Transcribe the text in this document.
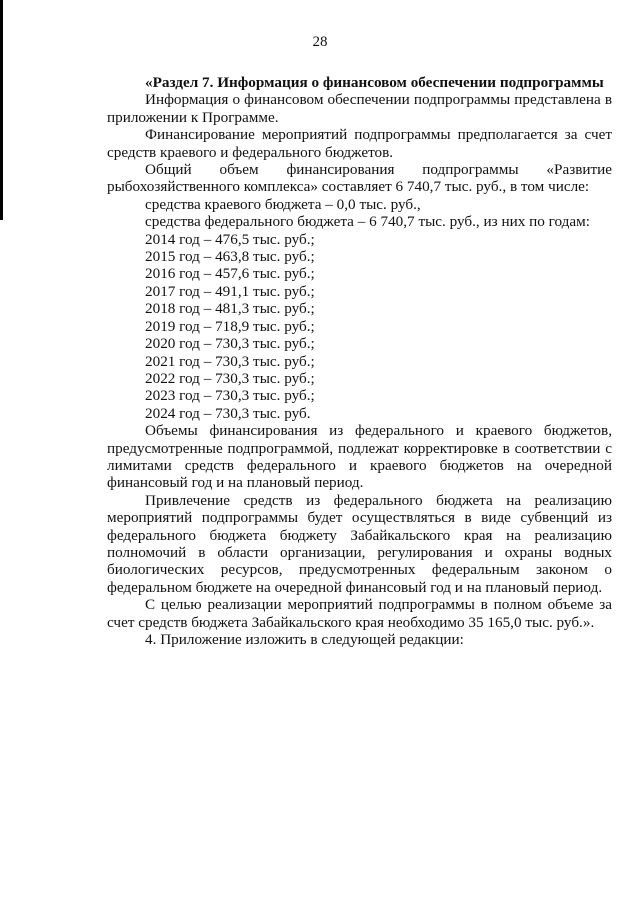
28

«Раздел 7. Информация о финансовом обеспечении подпрограммы

Информация о финансовом обеспечении подпрограммы представлена в приложении к Программе.

Финансирование мероприятий подпрограммы предполагается за счет средств краевого и федерального бюджетов.

Общий объем финансирования подпрограммы «Развитие рыбохозяйственного комплекса» составляет 6 740,7 тыс. руб., в том числе:

средства краевого бюджета – 0,0 тыс. руб.,

средства федерального бюджета – 6 740,7 тыс. руб., из них по годам:

2014 год – 476,5 тыс. руб.;

2015 год – 463,8 тыс. руб.;

2016 год – 457,6 тыс. руб.;

2017 год – 491,1 тыс. руб.;

2018 год – 481,3 тыс. руб.;

2019 год – 718,9 тыс. руб.;

2020 год – 730,3 тыс. руб.;

2021 год – 730,3 тыс. руб.;

2022 год – 730,3 тыс. руб.;

2023 год – 730,3 тыс. руб.;

2024 год – 730,3 тыс. руб.

Объемы финансирования из федерального и краевого бюджетов, предусмотренные подпрограммой, подлежат корректировке в соответствии с лимитами средств федерального и краевого бюджетов на очередной финансовый год и на плановый период.

Привлечение средств из федерального бюджета на реализацию мероприятий подпрограммы будет осуществляться в виде субвенций из федерального бюджета бюджету Забайкальского края на реализацию полномочий в области организации, регулирования и охраны водных биологических ресурсов, предусмотренных федеральным законом о федеральном бюджете на очередной финансовый год и на плановый период.

С целью реализации мероприятий подпрограммы в полном объеме за счет средств бюджета Забайкальского края необходимо 35 165,0 тыс. руб.».

4. Приложение изложить в следующей редакции:
